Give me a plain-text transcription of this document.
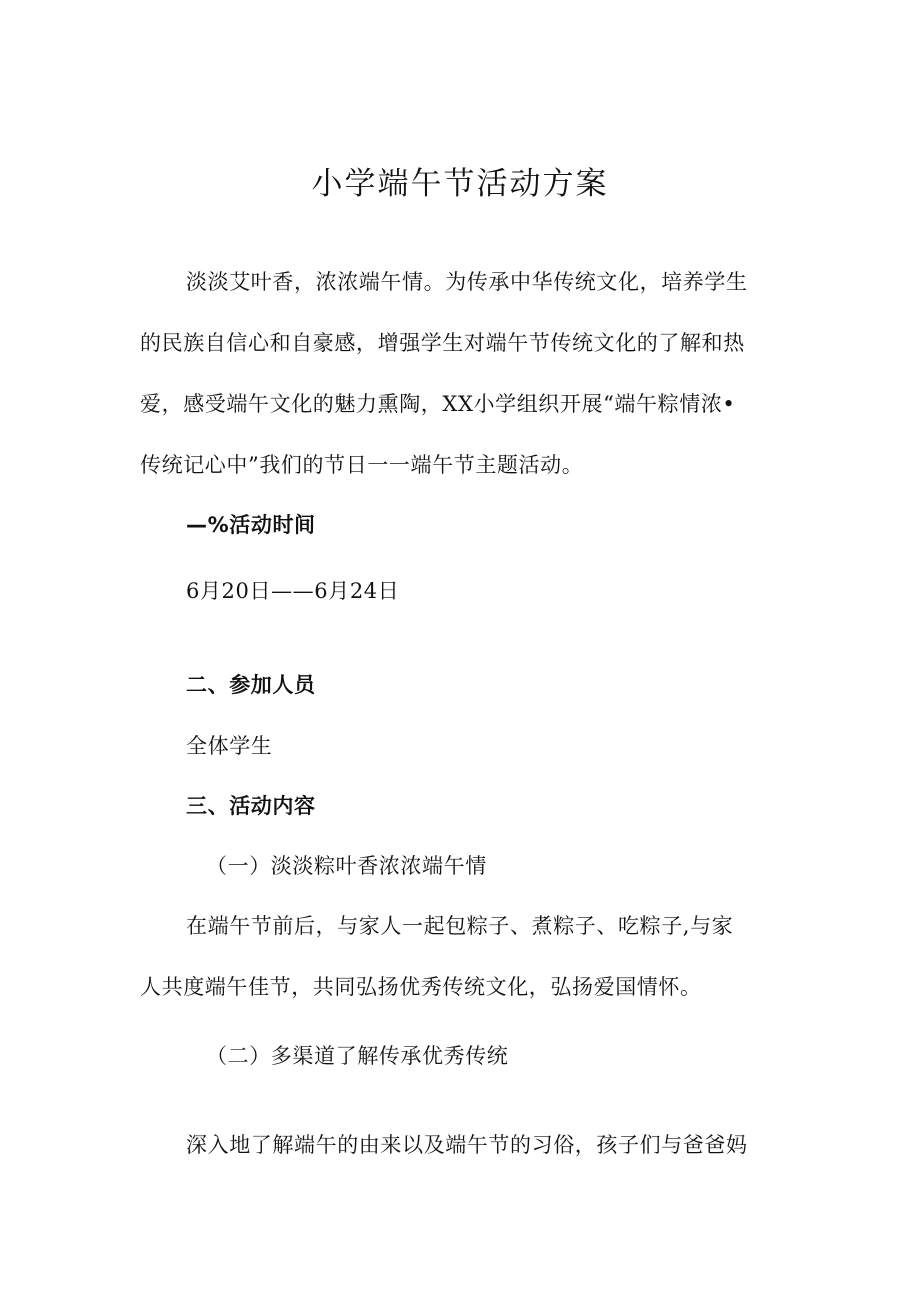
小学端午节活动方案
淡淡艾叶香，浓浓端午情。为传承中华传统文化，培养学生
的民族自信心和自豪感，增强学生对端午节传统文化的了解和热
爱，感受端午文化的魅力熏陶，XX小学组织开展“端午粽情浓•
传统记心中”我们的节日一一端午节主题活动。
—%活动时间
6月20日——6月24日
二、参加人员
全体学生
三、活动内容
（一）淡淡粽叶香浓浓端午情
在端午节前后，与家人一起包粽子、煮粽子、吃粽子,与家
人共度端午佳节，共同弘扬优秀传统文化，弘扬爱国情怀。
（二）多渠道了解传承优秀传统
深入地了解端午的由来以及端午节的习俗，孩子们与爸爸妈
